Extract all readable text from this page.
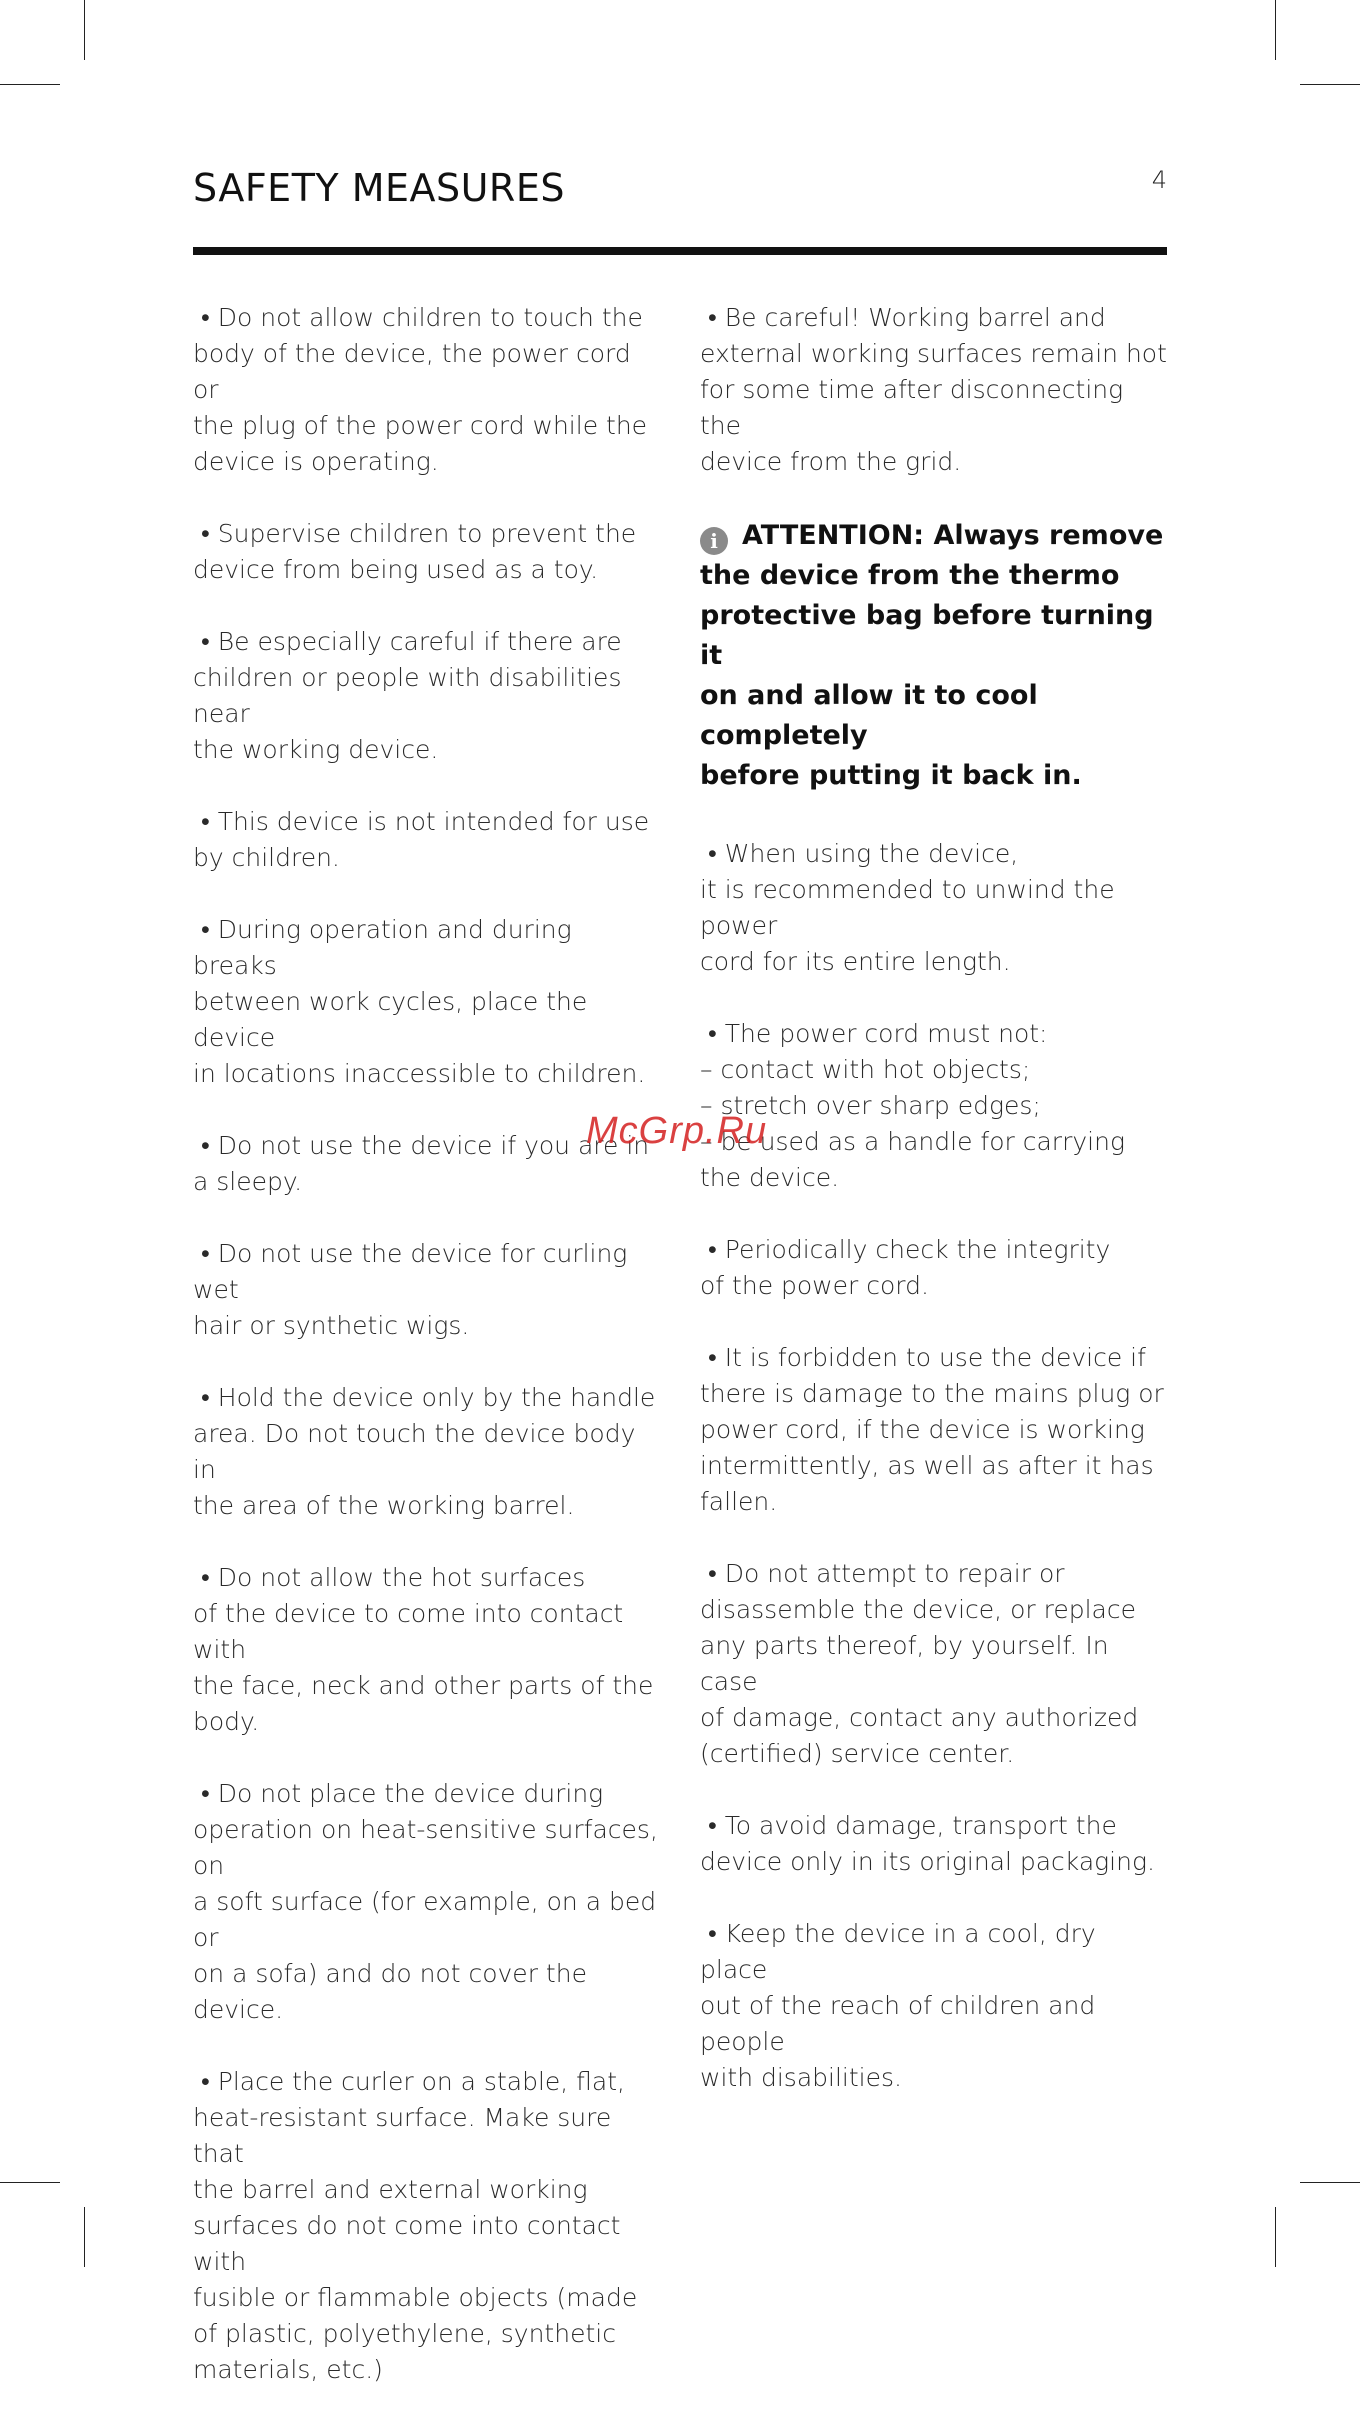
SAFETY MEASURES	4

• Do not allow children to touch the
body of the device, the power cord or
the plug of the power cord while the
device is operating.

• Supervise children to prevent the
device from being used as a toy.

• Be especially careful if there are
children or people with disabilities near
the working device.

• This device is not intended for use
by children.

• During operation and during breaks
between work cycles, place the device
in locations inaccessible to children.

• Do not use the device if you are in
a sleepy.

• Do not use the device for curling wet
hair or synthetic wigs.

• Hold the device only by the handle
area. Do not touch the device body in
the area of the working barrel.

• Do not allow the hot surfaces
of the device to come into contact with
the face, neck and other parts of the
body.

• Do not place the device during
operation on heat-sensitive surfaces, on
a soft surface (for example, on a bed or
on a sofa) and do not cover the device.

• Place the curler on a stable, flat,
heat-resistant surface. Make sure that
the barrel and external working
surfaces do not come into contact with
fusible or flammable objects (made
of plastic, polyethylene, synthetic
materials, etc.)

• Be careful! Working barrel and
external working surfaces remain hot
for some time after disconnecting the
device from the grid.

i ATTENTION: Always remove
the device from the thermo
protective bag before turning it
on and allow it to cool completely
before putting it back in.

• When using the device,
it is recommended to unwind the power
cord for its entire length.

• The power cord must not:
– contact with hot objects;
– stretch over sharp edges;
– be used as a handle for carrying
the device.

• Periodically check the integrity
of the power cord.

• It is forbidden to use the device if
there is damage to the mains plug or
power cord, if the device is working
intermittently, as well as after it has
fallen.

• Do not attempt to repair or
disassemble the device, or replace
any parts thereof, by yourself. In case
of damage, contact any authorized
(certified) service center.

• To avoid damage, transport the
device only in its original packaging.

• Keep the device in a cool, dry place
out of the reach of children and people
with disabilities.

McGrp.Ru
